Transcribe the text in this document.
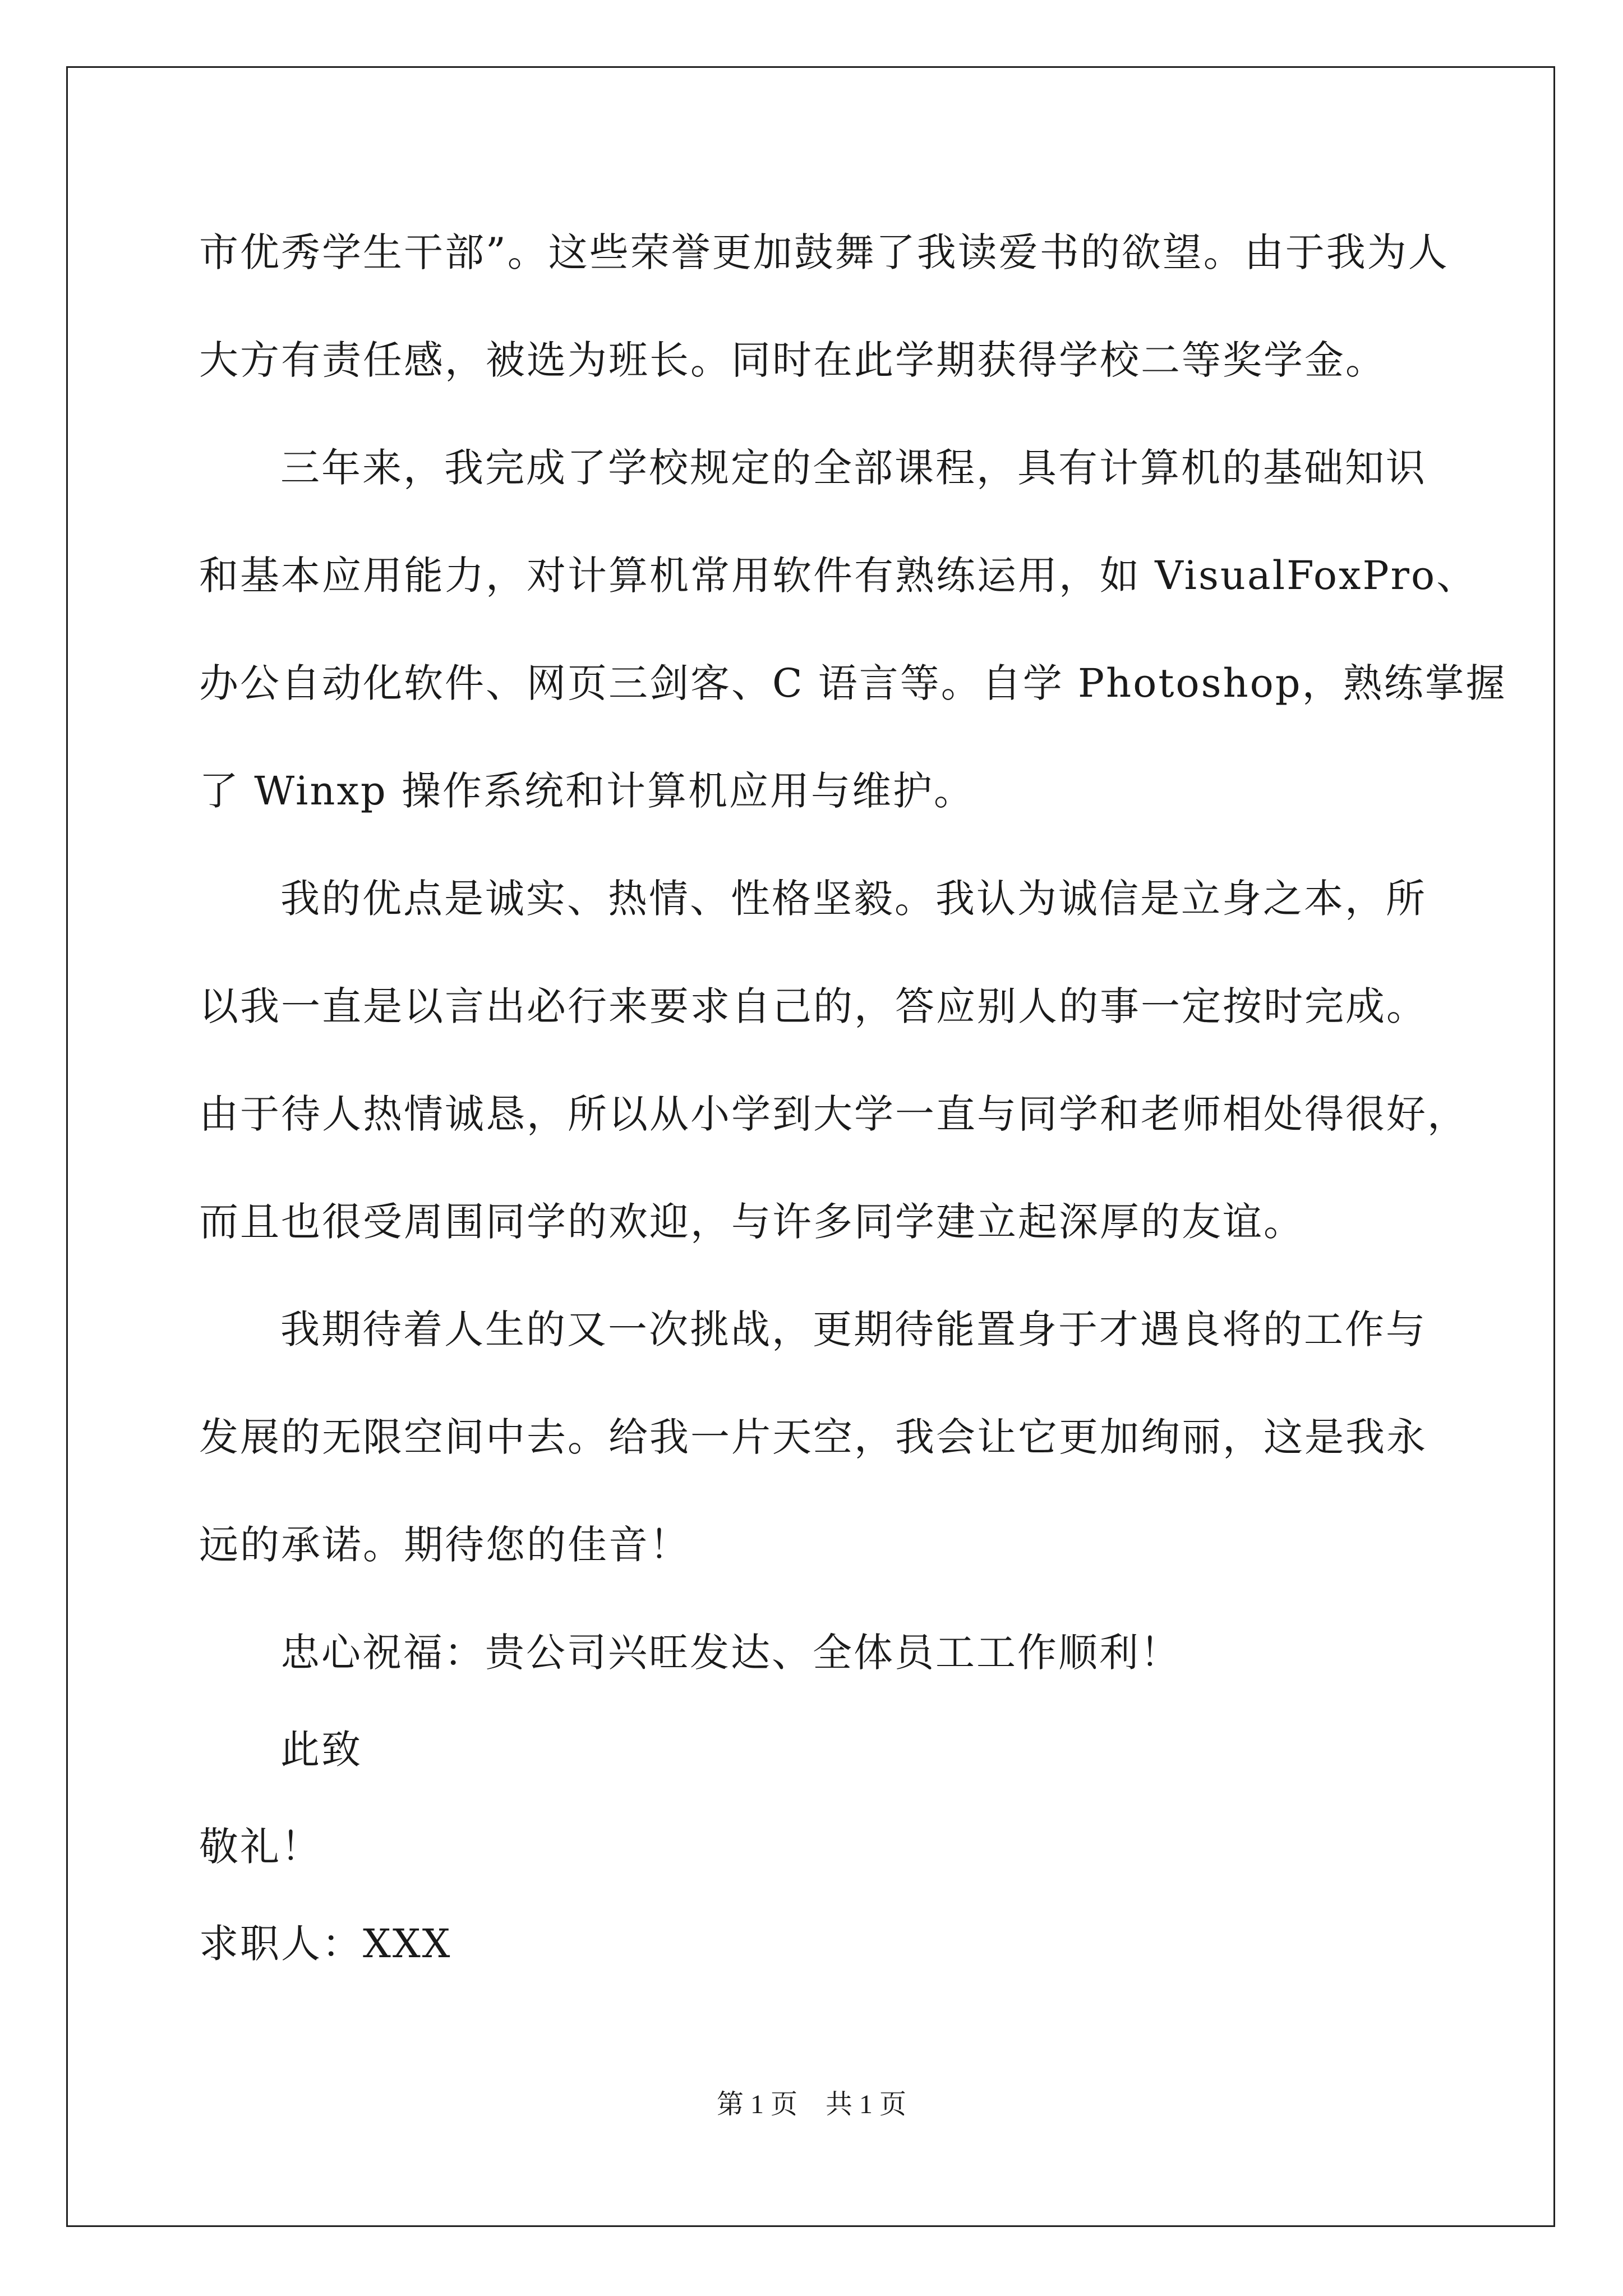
市优秀学生干部”。这些荣誉更加鼓舞了我读爱书的欲望。由于我为人
大方有责任感，被选为班长。同时在此学期获得学校二等奖学金。
三年来，我完成了学校规定的全部课程，具有计算机的基础知识
和基本应用能力，对计算机常用软件有熟练运用，如 VisualFoxPro、
办公自动化软件、网页三剑客、C 语言等。自学 Photoshop，熟练掌握
了 Winxp 操作系统和计算机应用与维护。
我的优点是诚实、热情、性格坚毅。我认为诚信是立身之本，所
以我一直是以言出必行来要求自己的，答应别人的事一定按时完成。
由于待人热情诚恳，所以从小学到大学一直与同学和老师相处得很好，
而且也很受周围同学的欢迎，与许多同学建立起深厚的友谊。
我期待着人生的又一次挑战，更期待能置身于才遇良将的工作与
发展的无限空间中去。给我一片天空，我会让它更加绚丽，这是我永
远的承诺。期待您的佳音！
忠心祝福：贵公司兴旺发达、全体员工工作顺利！
此致
敬礼！
求职人：XXX
第 1 页 共 1 页
